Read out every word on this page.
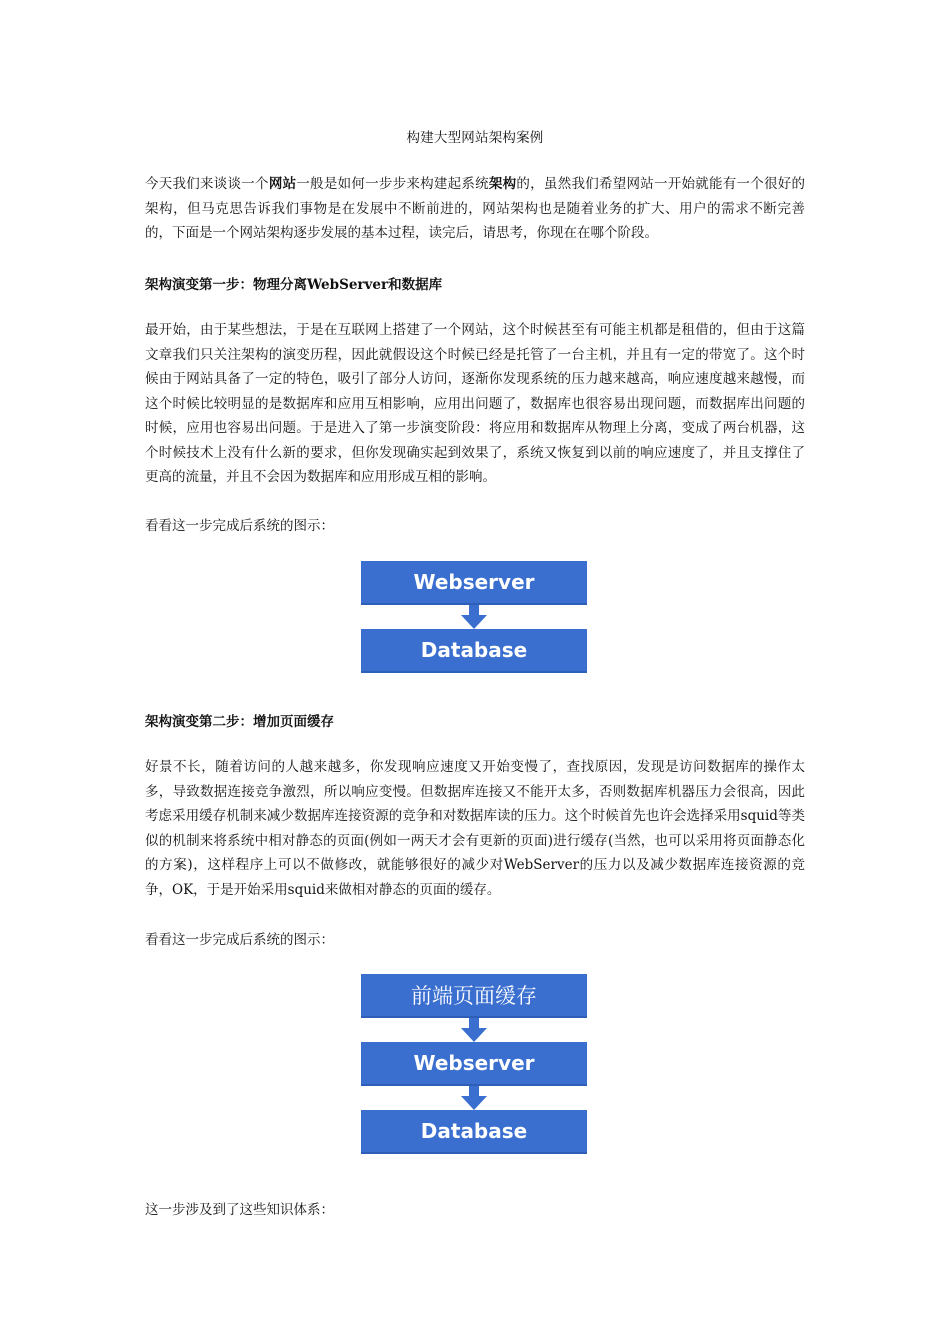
构建大型网站架构案例

今天我们来谈谈一个网站一般是如何一步步来构建起系统架构的，虽然我们希望网站一开始就能有一个很好的架构，但马克思告诉我们事物是在发展中不断前进的，网站架构也是随着业务的扩大、用户的需求不断完善的，下面是一个网站架构逐步发展的基本过程，读完后，请思考，你现在在哪个阶段。

架构演变第一步：物理分离WebServer和数据库

最开始，由于某些想法，于是在互联网上搭建了一个网站，这个时候甚至有可能主机都是租借的，但由于这篇文章我们只关注架构的演变历程，因此就假设这个时候已经是托管了一台主机，并且有一定的带宽了。这个时候由于网站具备了一定的特色，吸引了部分人访问，逐渐你发现系统的压力越来越高，响应速度越来越慢，而这个时候比较明显的是数据库和应用互相影响，应用出问题了，数据库也很容易出现问题，而数据库出问题的时候，应用也容易出问题。于是进入了第一步演变阶段：将应用和数据库从物理上分离，变成了两台机器，这个时候技术上没有什么新的要求，但你发现确实起到效果了，系统又恢复到以前的响应速度了，并且支撑住了更高的流量，并且不会因为数据库和应用形成互相的影响。

看看这一步完成后系统的图示：

Webserver
Database

架构演变第二步：增加页面缓存

好景不长，随着访问的人越来越多，你发现响应速度又开始变慢了，查找原因，发现是访问数据库的操作太多，导致数据连接竞争激烈，所以响应变慢。但数据库连接又不能开太多，否则数据库机器压力会很高，因此考虑采用缓存机制来减少数据库连接资源的竞争和对数据库读的压力。这个时候首先也许会选择采用squid等类似的机制来将系统中相对静态的页面(例如一两天才会有更新的页面)进行缓存(当然，也可以采用将页面静态化的方案)，这样程序上可以不做修改，就能够很好的减少对WebServer的压力以及减少数据库连接资源的竞争，OK，于是开始采用squid来做相对静态的页面的缓存。

看看这一步完成后系统的图示：

前端页面缓存
Webserver
Database

这一步涉及到了这些知识体系：
